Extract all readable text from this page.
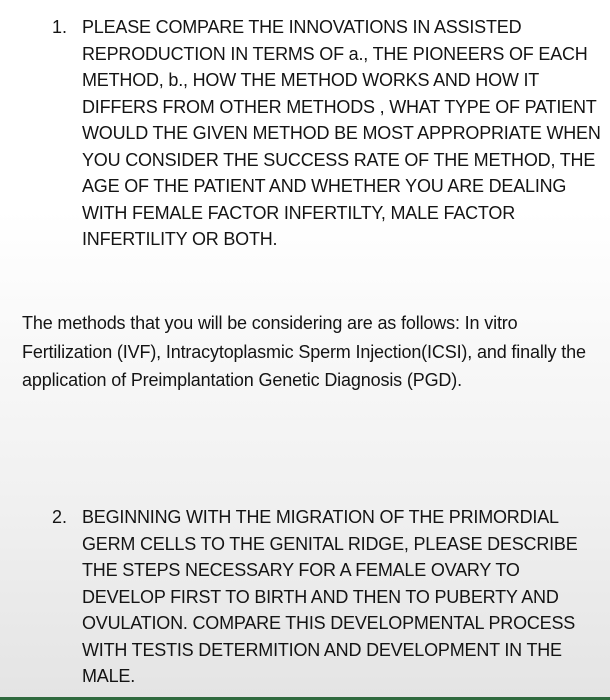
1. PLEASE COMPARE THE INNOVATIONS IN ASSISTED REPRODUCTION IN TERMS OF a., THE PIONEERS OF EACH METHOD, b., HOW THE METHOD WORKS AND HOW IT DIFFERS FROM OTHER METHODS , WHAT TYPE OF PATIENT WOULD THE GIVEN METHOD BE MOST APPROPRIATE WHEN YOU CONSIDER THE SUCCESS RATE OF THE METHOD, THE AGE OF THE PATIENT AND WHETHER YOU ARE DEALING WITH FEMALE FACTOR INFERTILTY, MALE FACTOR INFERTILITY OR BOTH.

The methods that you will be considering are as follows: In vitro Fertilization (IVF), Intracytoplasmic Sperm Injection(ICSI), and finally the application of Preimplantation Genetic Diagnosis (PGD).

2. BEGINNING WITH THE MIGRATION OF THE PRIMORDIAL GERM CELLS TO THE GENITAL RIDGE, PLEASE DESCRIBE THE STEPS NECESSARY FOR A FEMALE OVARY TO DEVELOP FIRST TO BIRTH AND THEN TO PUBERTY AND OVULATION. COMPARE THIS DEVELOPMENTAL PROCESS WITH TESTIS DETERMITION AND DEVELOPMENT IN THE MALE.
